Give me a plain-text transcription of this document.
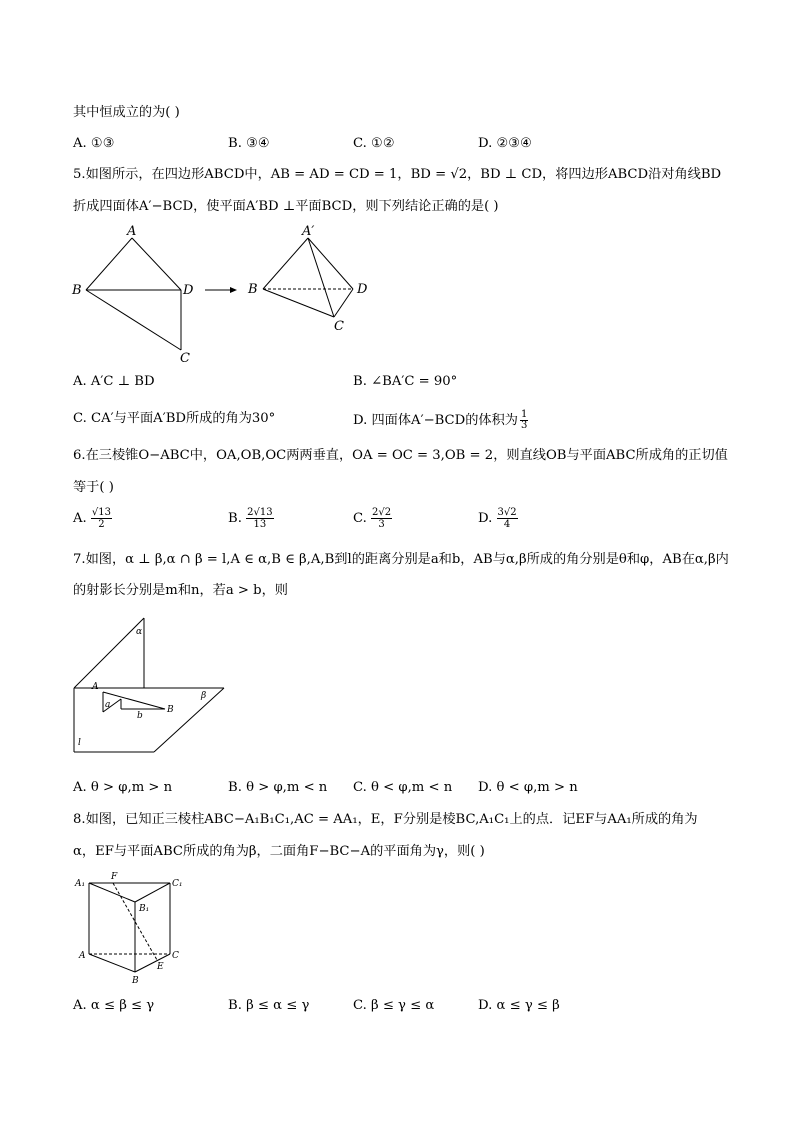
其中恒成立的为( )
A. ①③	B. ③④	C. ①②	D. ②③④
5.如图所示，在四边形ABCD中，AB = AD = CD = 1，BD = √2，BD ⊥ CD，将四边形ABCD沿对角线BD
折成四面体A′−BCD，使平面A′BD ⊥平面BCD，则下列结论正确的是( )
A
B	D
C
A′
B	D
C
A. A′C ⊥ BD	B. ∠BA′C = 90°
C. CA′与平面A′BD所成的角为30°	D. 四面体A′−BCD的体积为 $\frac{1}{3}$
6.在三棱锥O−ABC中，OA,OB,OC两两垂直，OA = OC = 3,OB = 2，则直线OB与平面ABC所成角的正切值
等于( )
A. $\frac{√13}{2}$	B. $\frac{2√13}{13}$	C. $\frac{2√2}{3}$	D. $\frac{3√2}{4}$
7.如图，α ⊥ β,α ∩ β = l,A ∈ α,B ∈ β,A,B到l的距离分别是a和b，AB与α,β所成的角分别是θ和φ，AB在α,β内
的射影长分别是m和n，若a > b，则
α
β
A
a
b
B
l
A. θ > φ,m > n	B. θ > φ,m < n C. θ < φ,m < n D. θ < φ,m > n
8.如图，已知正三棱柱ABC−A₁B₁C₁,AC = AA₁，E，F分别是棱BC,A₁C₁上的点．记EF与AA₁所成的角为
α，EF与平面ABC所成的角为β，二面角F−BC−A的平面角为γ，则( )
A₁
F
C₁
B₁
A	C
E
B
A. α ≤ β ≤ γ	B. β ≤ α ≤ γ	C. β ≤ γ ≤ α	D. α ≤ γ ≤ β
